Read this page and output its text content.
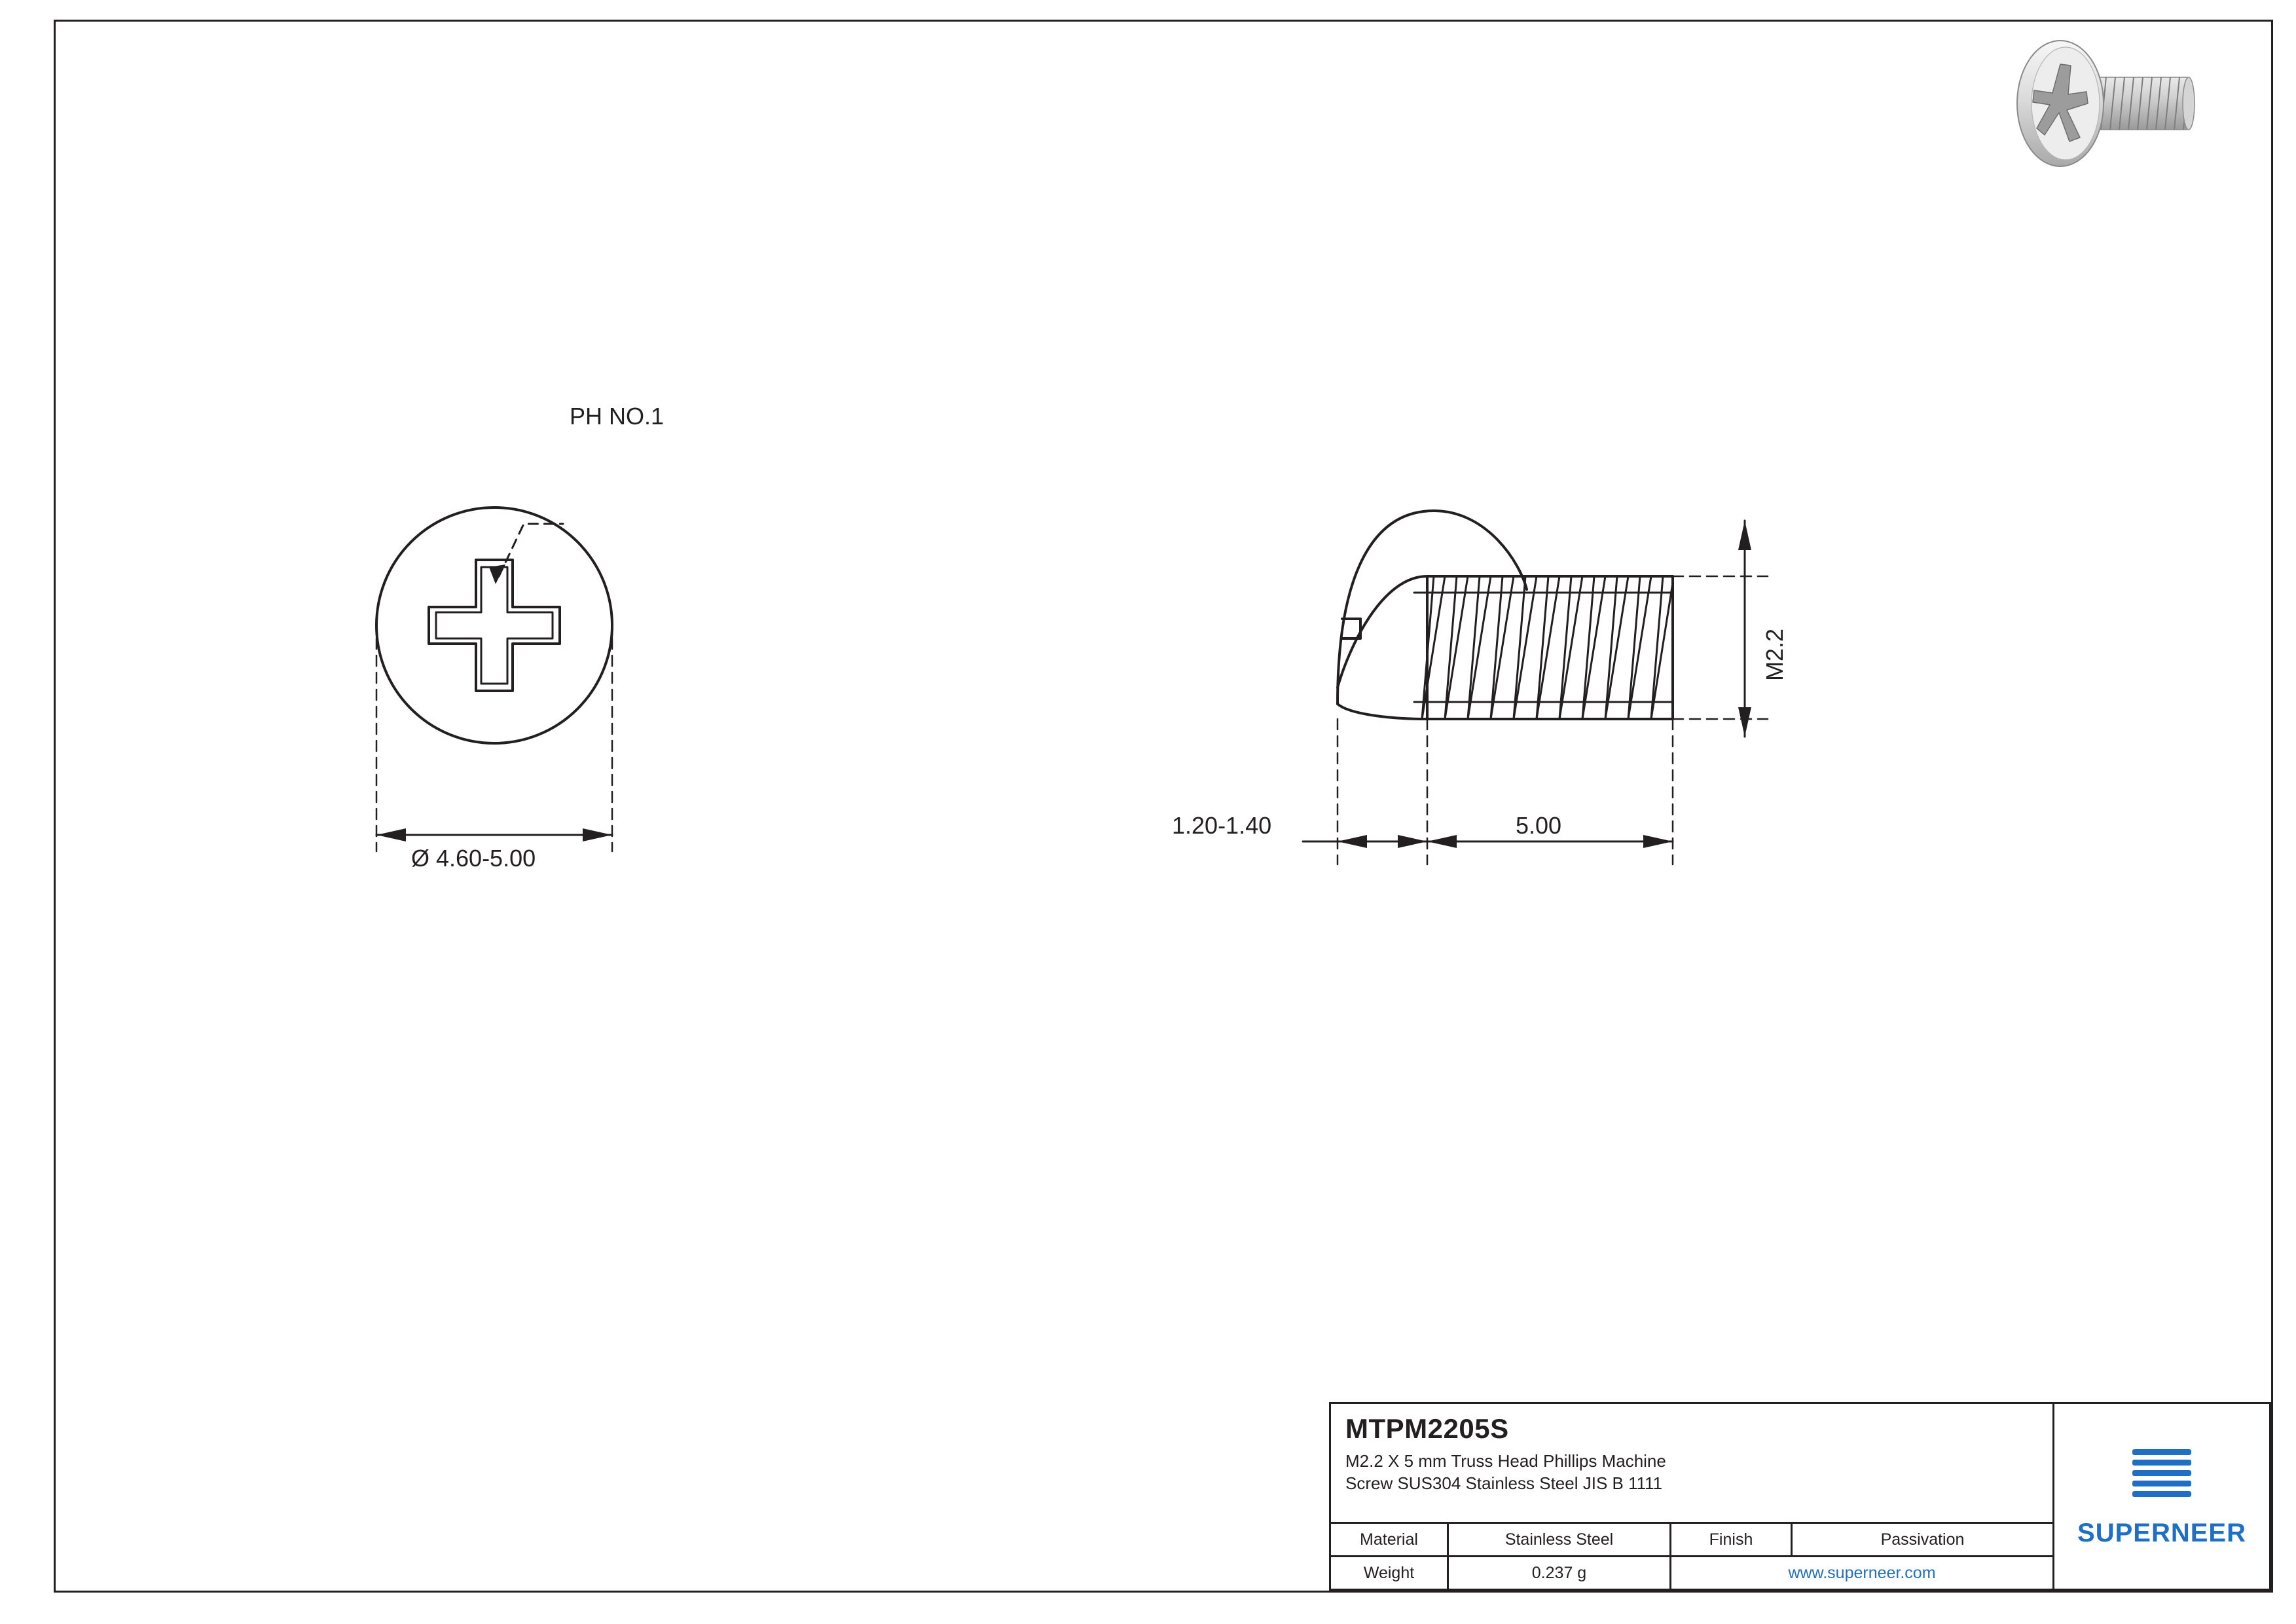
PH NO.1
Ø 4.60-5.00
M2.2
1.20-1.40	5.00
MTPM2205S
M2.2 X 5 mm Truss Head Phillips Machine
Screw SUS304 Stainless Steel JIS B 1111
Material	Stainless Steel	Finish	Passivation
Weight	0.237 g	www.superneer.com
SUPERNEER
